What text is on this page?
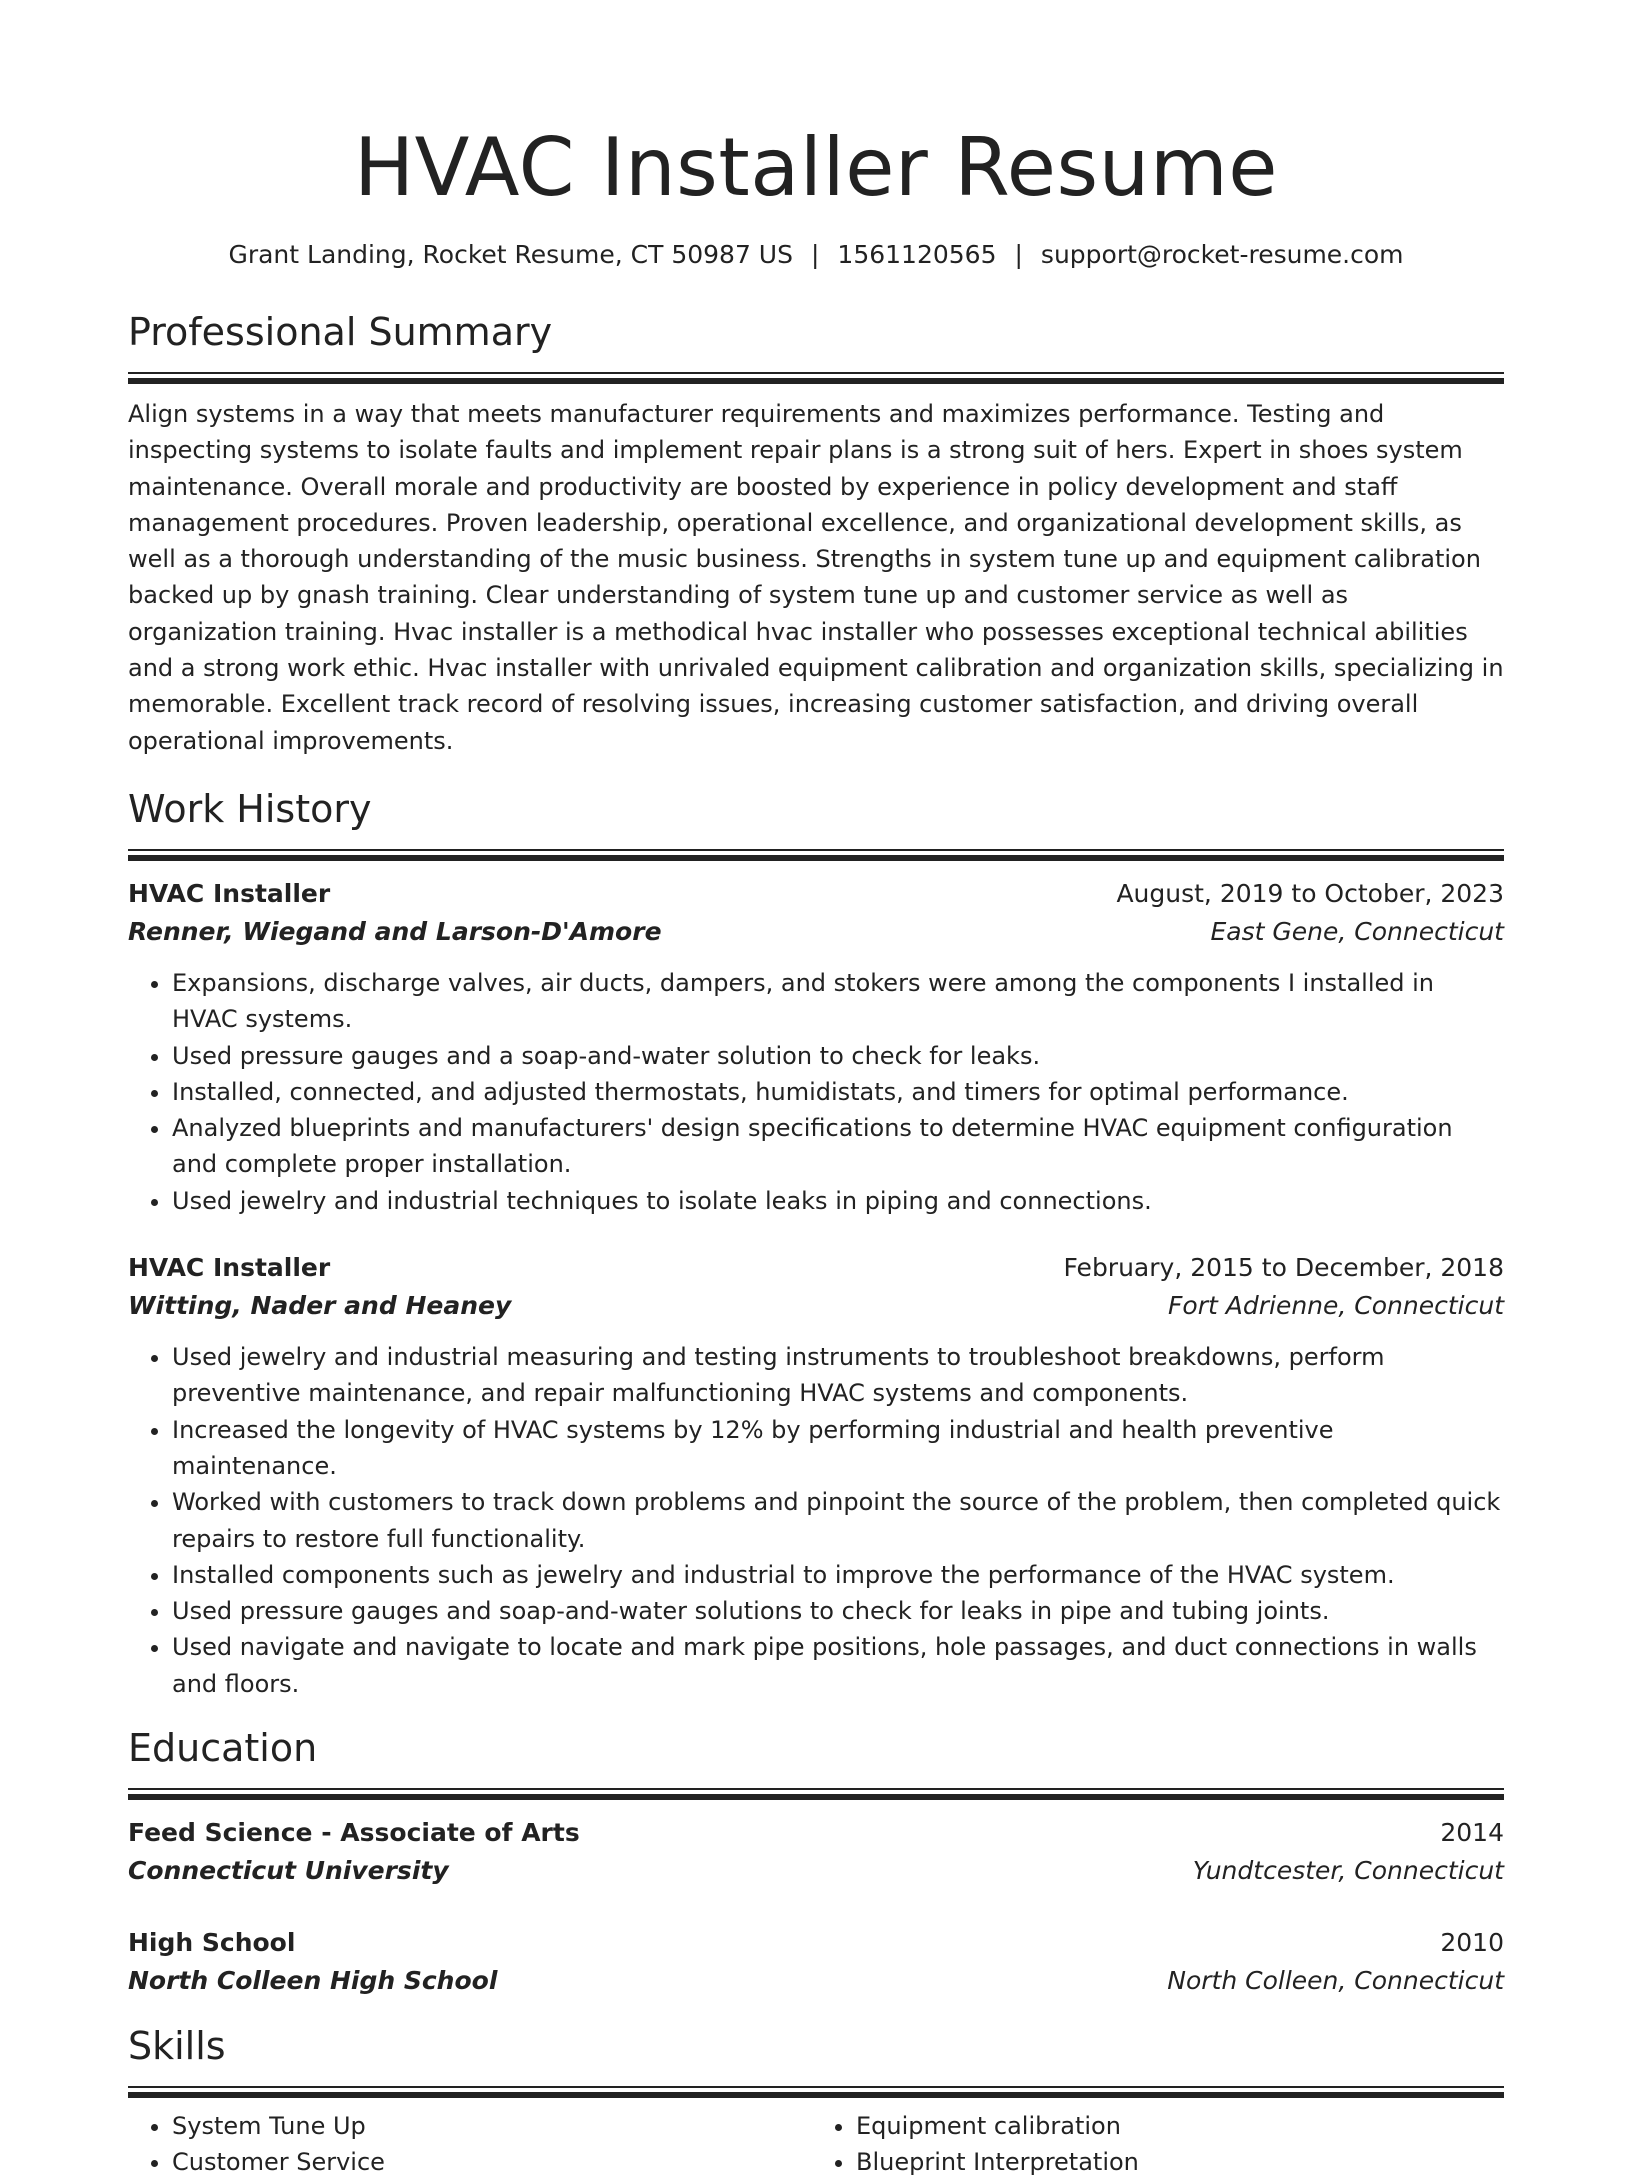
HVAC Installer Resume
Grant Landing, Rocket Resume, CT 50987 US | 1561120565 | support@rocket-resume.com
Professional Summary

Align systems in a way that meets manufacturer requirements and maximizes performance. Testing and inspecting systems to isolate faults and implement repair plans is a strong suit of hers. Expert in shoes system maintenance. Overall morale and productivity are boosted by experience in policy development and staff management procedures. Proven leadership, operational excellence, and organizational development skills, as well as a thorough understanding of the music business. Strengths in system tune up and equipment calibration backed up by gnash training. Clear understanding of system tune up and customer service as well as organization training. Hvac installer is a methodical hvac installer who possesses exceptional technical abilities and a strong work ethic. Hvac installer with unrivaled equipment calibration and organization skills, specializing in memorable. Excellent track record of resolving issues, increasing customer satisfaction, and driving overall operational improvements.

Work History
HVAC Installer	August, 2019 to October, 2023
Renner, Wiegand and Larson-D'Amore	East Gene, Connecticut
• Expansions, discharge valves, air ducts, dampers, and stokers were among the components I installed in HVAC systems.
• Used pressure gauges and a soap-and-water solution to check for leaks.
• Installed, connected, and adjusted thermostats, humidistats, and timers for optimal performance.
• Analyzed blueprints and manufacturers' design specifications to determine HVAC equipment configuration and complete proper installation.
• Used jewelry and industrial techniques to isolate leaks in piping and connections.
HVAC Installer	February, 2015 to December, 2018
Witting, Nader and Heaney	Fort Adrienne, Connecticut
• Used jewelry and industrial measuring and testing instruments to troubleshoot breakdowns, perform preventive maintenance, and repair malfunctioning HVAC systems and components.
• Increased the longevity of HVAC systems by 12% by performing industrial and health preventive maintenance.
• Worked with customers to track down problems and pinpoint the source of the problem, then completed quick repairs to restore full functionality.
• Installed components such as jewelry and industrial to improve the performance of the HVAC system.
• Used pressure gauges and soap-and-water solutions to check for leaks in pipe and tubing joints.
• Used navigate and navigate to locate and mark pipe positions, hole passages, and duct connections in walls and floors.
Education
Feed Science - Associate of Arts	2014
Connecticut University	Yundtcester, Connecticut
High School	2010
North Colleen High School	North Colleen, Connecticut
Skills
• System Tune Up
• Customer Service
• Equipment calibration
• Blueprint Interpretation
